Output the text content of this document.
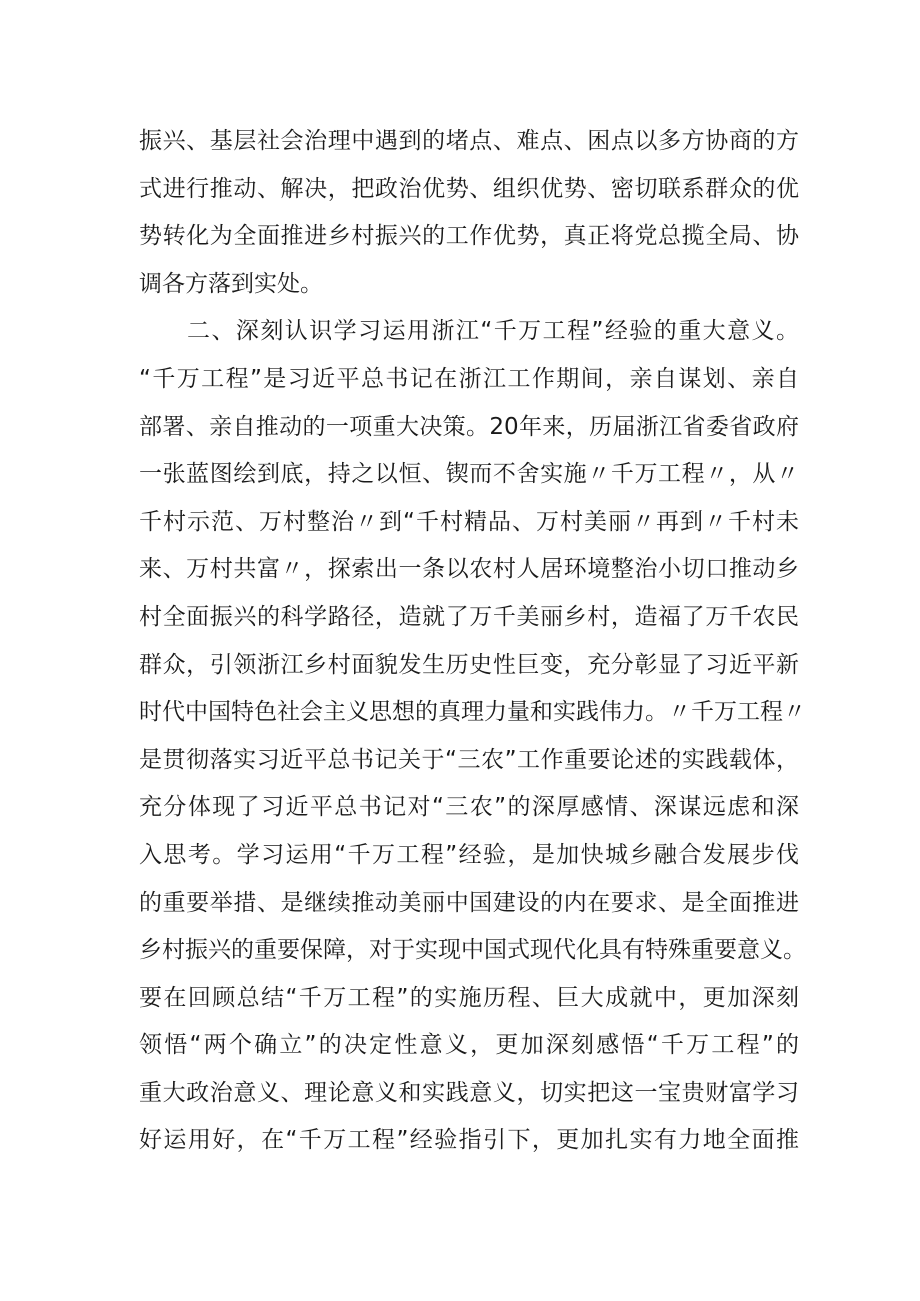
振兴、基层社会治理中遇到的堵点、难点、困点以多方协商的方
式进行推动、解决，把政治优势、组织优势、密切联系群众的优
势转化为全面推进乡村振兴的工作优势，真正将党总揽全局、协
调各方落到实处。
二、深刻认识学习运用浙江“千万工程”经验的重大意义。
“千万工程”是习近平总书记在浙江工作期间，亲自谋划、亲自
部署、亲自推动的一项重大决策。20年来，历届浙江省委省政府
一张蓝图绘到底，持之以恒、锲而不舍实施〃千万工程〃，从〃
千村示范、万村整治〃到“千村精品、万村美丽〃再到〃千村未
来、万村共富〃，探索出一条以农村人居环境整治小切口推动乡
村全面振兴的科学路径，造就了万千美丽乡村，造福了万千农民
群众，引领浙江乡村面貌发生历史性巨变，充分彰显了习近平新
时代中国特色社会主义思想的真理力量和实践伟力。〃千万工程〃
是贯彻落实习近平总书记关于“三农”工作重要论述的实践载体，
充分体现了习近平总书记对“三农”的深厚感情、深谋远虑和深
入思考。学习运用“千万工程”经验，是加快城乡融合发展步伐
的重要举措、是继续推动美丽中国建设的内在要求、是全面推进
乡村振兴的重要保障，对于实现中国式现代化具有特殊重要意义。
要在回顾总结“千万工程”的实施历程、巨大成就中，更加深刻
领悟“两个确立”的决定性意义，更加深刻感悟“千万工程”的
重大政治意义、理论意义和实践意义，切实把这一宝贵财富学习
好运用好，在“千万工程”经验指引下，更加扎实有力地全面推
